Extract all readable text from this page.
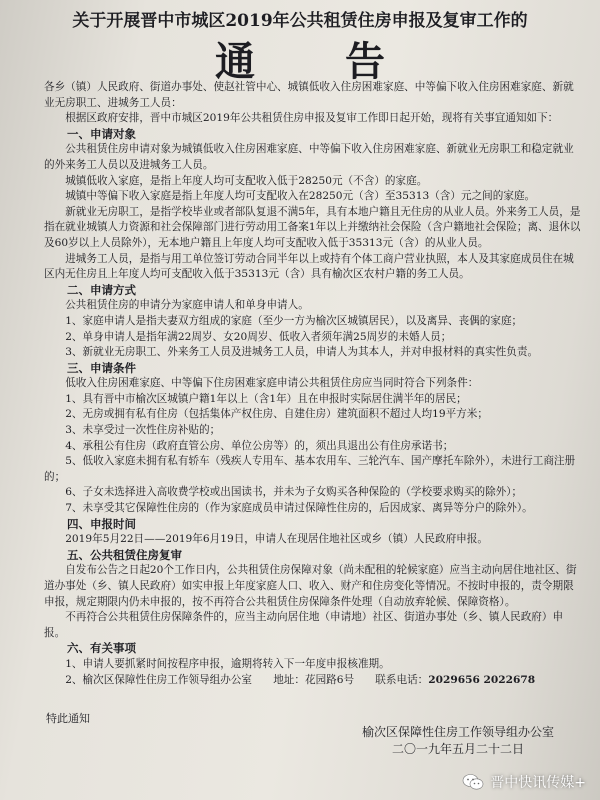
关于开展晋中市城区2019年公共租赁住房申报及复审工作的
通告

各乡（镇）人民政府、街道办事处、使赵社管中心、城镇低收入住房困难家庭、中等偏下收入住房困难家庭、新就业无房职工、进城务工人员：

根据区政府安排，晋中市城区2019年公共租赁住房申报及复审工作即日起开始，现将有关事宜通知如下：

一、申请对象

公共租赁住房申请对象为城镇低收入住房困难家庭、中等偏下收入住房困难家庭、新就业无房职工和稳定就业的外来务工人员以及进城务工人员。

城镇低收入家庭，是指上年度人均可支配收入低于28250元（不含）的家庭。

城镇中等偏下收入家庭是指上年度人均可支配收入在28250元（含）至35313（含）元之间的家庭。

新就业无房职工，是指学校毕业或者部队复退不满5年，具有本地户籍且无住房的从业人员。外来务工人员，是指在就业城镇人力资源和社会保障部门进行劳动用工备案1年以上并缴纳社会保险（含户籍地社会保险；离、退休以及60岁以上人员除外），无本地户籍且上年度人均可支配收入低于35313元（含）的从业人员。

进城务工人员，是指与用工单位签订劳动合同半年以上或持有个体工商户营业执照，本人及其家庭成员住在城区内无住房且上年度人均可支配收入低于35313元（含）具有榆次区农村户籍的务工人员。

二、申请方式

公共租赁住房的申请分为家庭申请人和单身申请人。

1、家庭申请人是指夫妻双方组成的家庭（至少一方为榆次区城镇居民），以及离异、丧偶的家庭；

2、单身申请人是指年满22周岁、女20周岁、低收入者须年满25周岁的未婚人员；

3、新就业无房职工、外来务工人员及进城务工人员，申请人为其本人，并对申报材料的真实性负责。

三、申请条件

低收入住房困难家庭、中等偏下住房困难家庭申请公共租赁住房应当同时符合下列条件：

1、具有晋中市榆次区城镇户籍1年以上（含1年）且在申报时实际居住满半年的居民；

2、无房或拥有私有住房（包括集体产权住房、自建住房）建筑面积不超过人均19平方米；

3、未享受过一次性住房补贴的；

4、承租公有住房（政府直管公房、单位公房等）的，须出具退出公有住房承诺书；

5、低收入家庭未拥有私有轿车（残疾人专用车、基本农用车、三轮汽车、国产摩托车除外），未进行工商注册的；

6、子女未选择进入高收费学校或出国读书，并未为子女购买各种保险的（学校要求购买的除外）；

7、未享受其它保障性住房的（作为家庭成员申请过保障性住房的，后因成家、离异等分户的除外）。

四、申报时间

2019年5月22日——2019年6月19日，申请人在现居住地社区或乡（镇）人民政府申报。

五、公共租赁住房复审

自发布公告之日起20个工作日内，公共租赁住房保障对象（尚未配租的轮候家庭）应当主动向居住地社区、街道办事处（乡、镇人民政府）如实申报上年度家庭人口、收入、财产和住房变化等情况。不按时申报的，责令期限申报，规定期限内仍未申报的，按不再符合公共租赁住房保障条件处理（自动放弃轮候、保障资格）。

不再符合公共租赁住房保障条件的，应当主动向居住地（申请地）社区、街道办事处（乡、镇人民政府）申报。

六、有关事项

1、申请人要抓紧时间按程序申报，逾期将转入下一年度申报核准期。

2、榆次区保障性住房工作领导组办公室　　地址：花园路6号　　联系电话：2029656 2022678

特此通知
榆次区保障性住房工作领导组办公室
二〇一九年五月二十二日
晋中快讯传媒+
